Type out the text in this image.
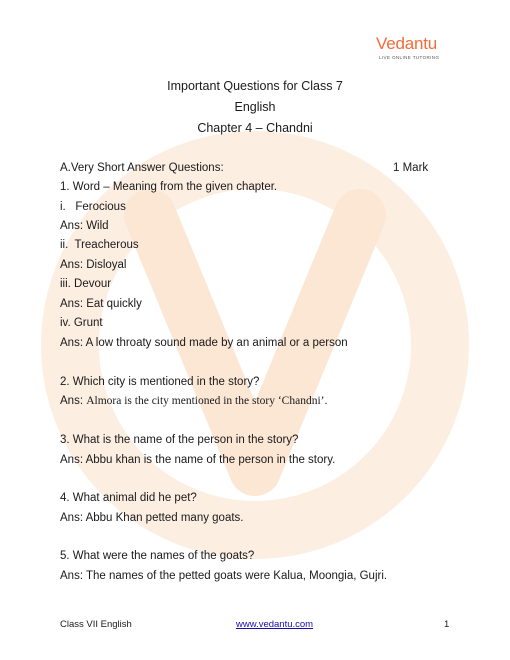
Vedantu
LIVE ONLINE TUTORING
Important Questions for Class 7
English
Chapter 4 – Chandni
A.Very Short Answer Questions:	1 Mark
1. Word – Meaning from the given chapter.
i.   Ferocious
Ans: Wild
ii.  Treacherous
Ans: Disloyal
iii. Devour
Ans: Eat quickly
iv. Grunt
Ans: A low throaty sound made by an animal or a person
2. Which city is mentioned in the story?
Ans: Almora is the city mentioned in the story ‘Chandni’.
3. What is the name of the person in the story?
Ans: Abbu khan is the name of the person in the story.
4. What animal did he pet?
Ans: Abbu Khan petted many goats.
5. What were the names of the goats?
Ans: The names of the petted goats were Kalua, Moongia, Gujri.
Class VII English	www.vedantu.com	1
